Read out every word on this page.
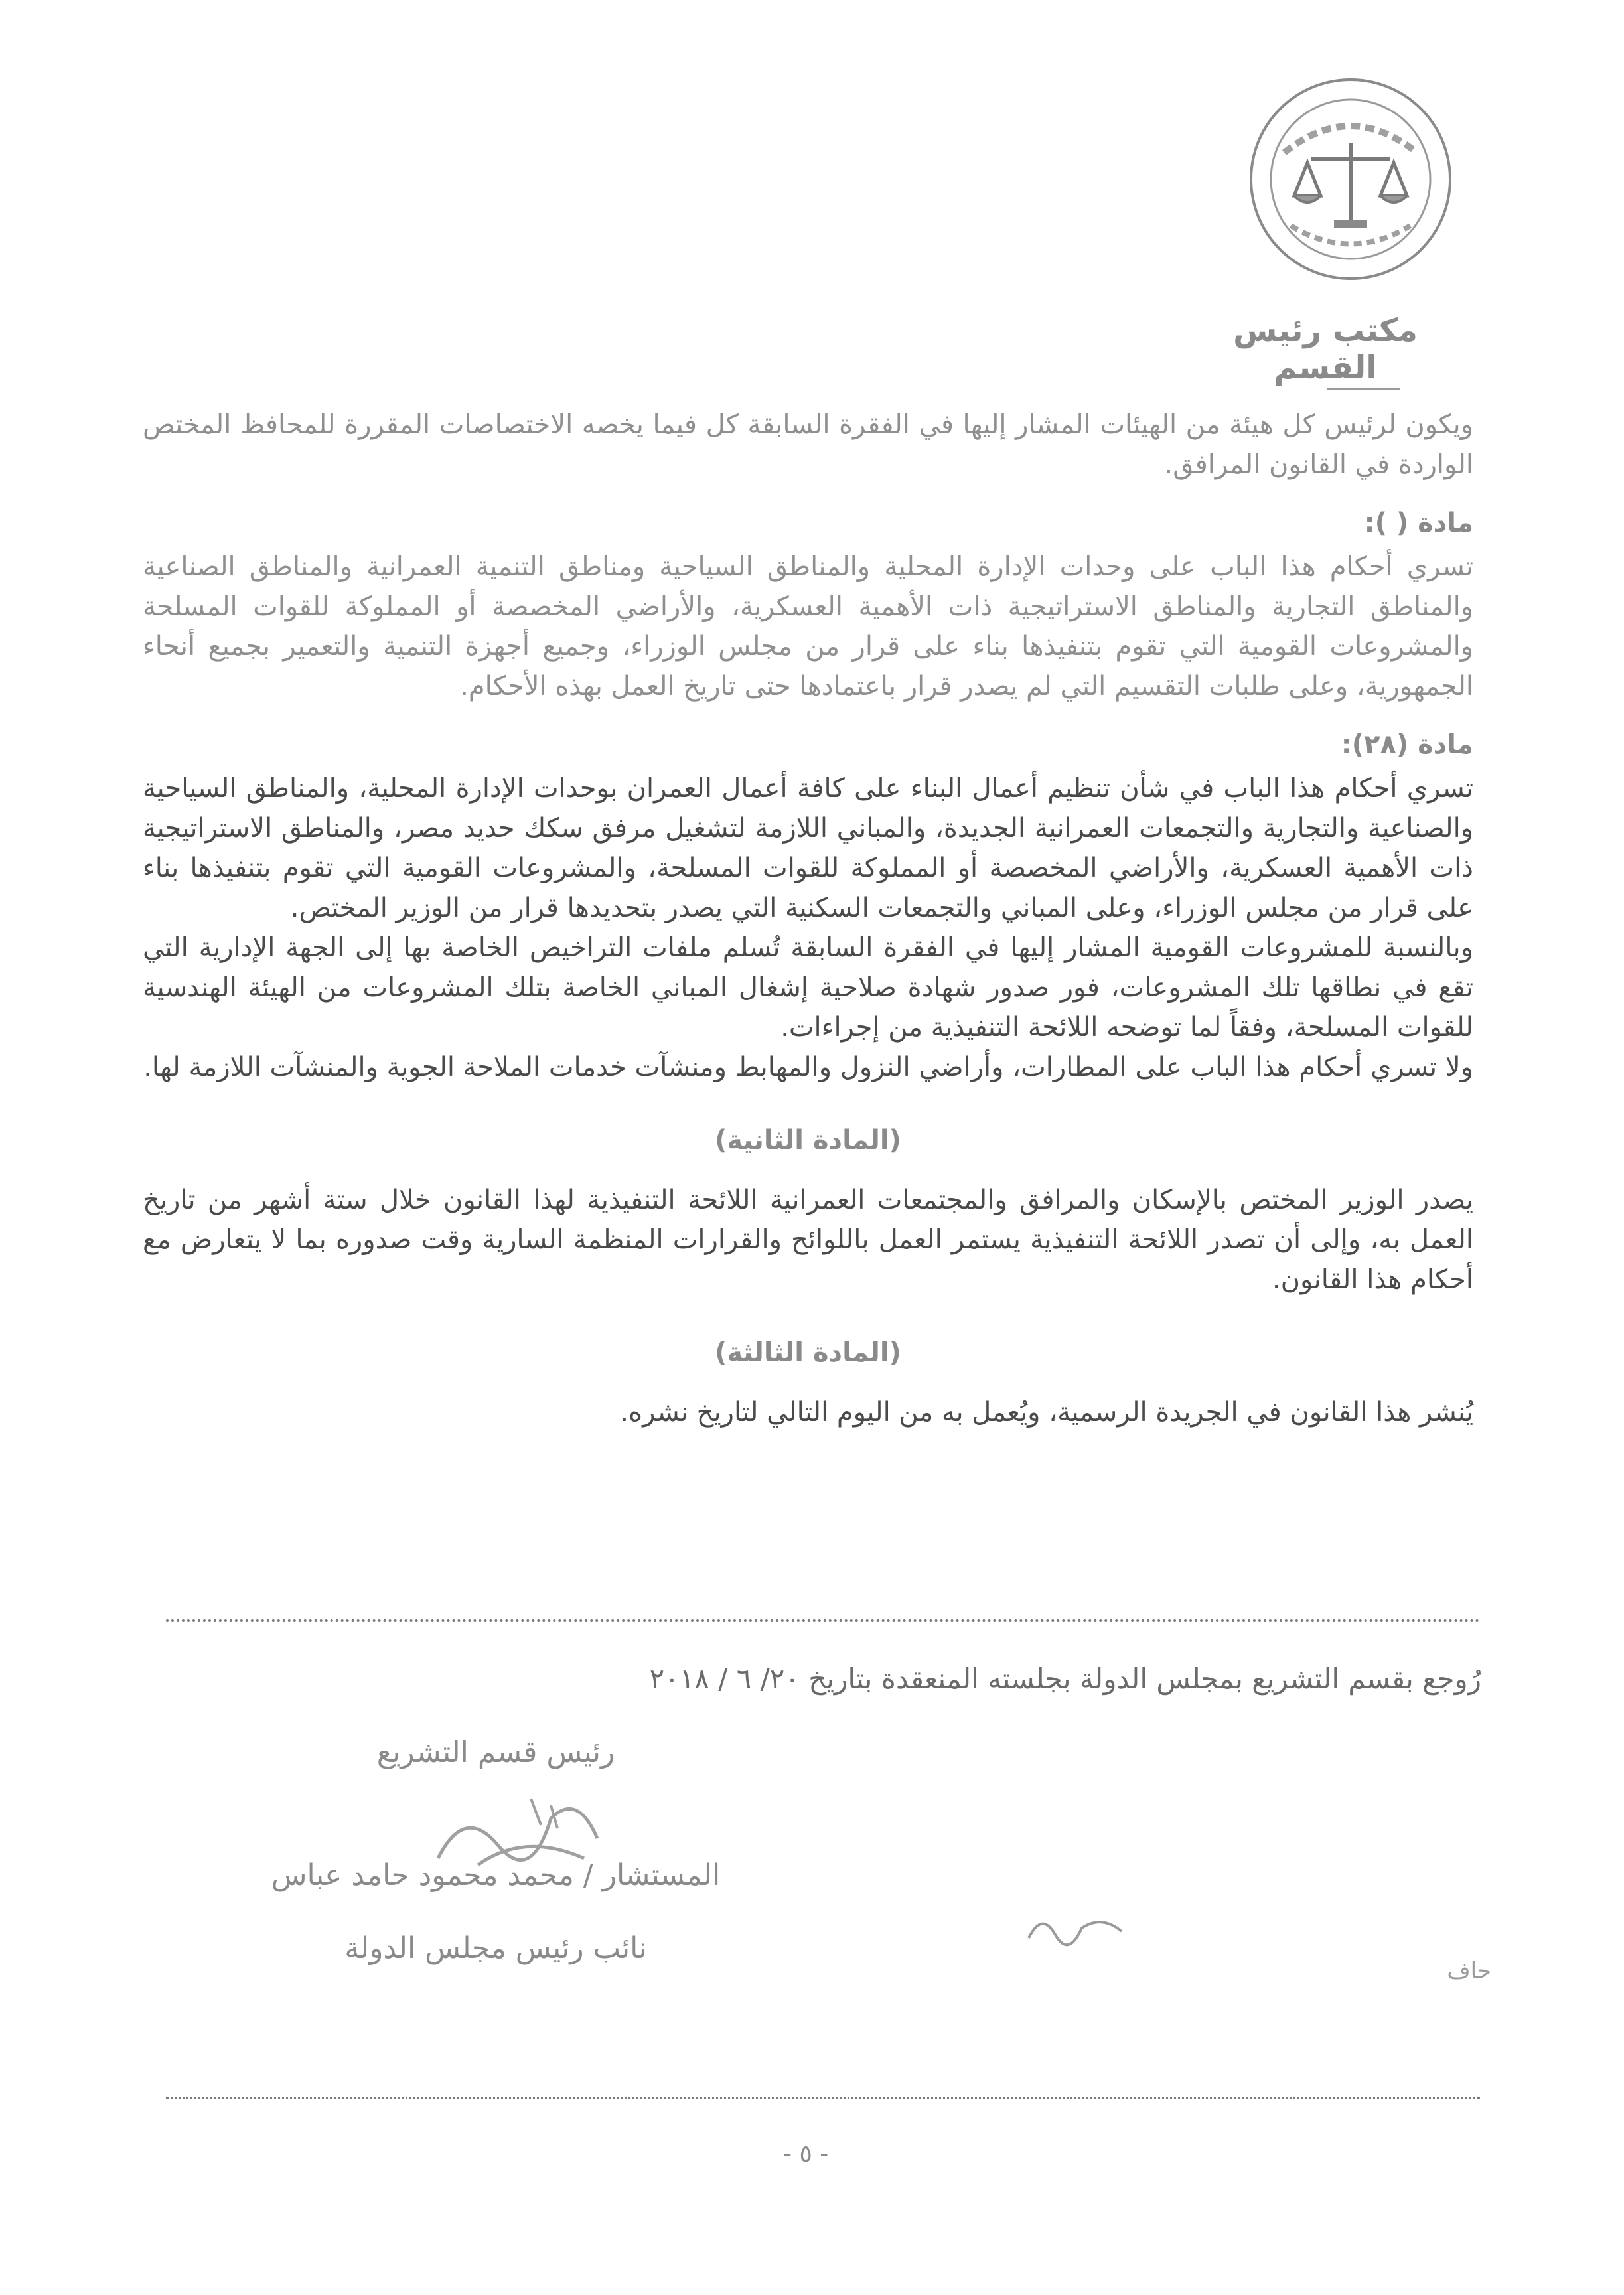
مكتب رئيس القسم

ويكون لرئيس كل هيئة من الهيئات المشار إليها في الفقرة السابقة كل فيما يخصه الاختصاصات المقررة للمحافظ المختص الواردة في القانون المرافق.

مادة ( ):

تسري أحكام هذا الباب على وحدات الإدارة المحلية والمناطق السياحية ومناطق التنمية العمرانية والمناطق الصناعية والمناطق التجارية والمناطق الاستراتيجية ذات الأهمية العسكرية، والأراضي المخصصة أو المملوكة للقوات المسلحة والمشروعات القومية التي تقوم بتنفيذها بناء على قرار من مجلس الوزراء، وجميع أجهزة التنمية والتعمير بجميع أنحاء الجمهورية، وعلى طلبات التقسيم التي لم يصدر قرار باعتمادها حتى تاريخ العمل بهذه الأحكام.

مادة (٢٨):

تسري أحكام هذا الباب في شأن تنظيم أعمال البناء على كافة أعمال العمران بوحدات الإدارة المحلية، والمناطق السياحية والصناعية والتجارية والتجمعات العمرانية الجديدة، والمباني اللازمة لتشغيل مرفق سكك حديد مصر، والمناطق الاستراتيجية ذات الأهمية العسكرية، والأراضي المخصصة أو المملوكة للقوات المسلحة، والمشروعات القومية التي تقوم بتنفيذها بناء على قرار من مجلس الوزراء، وعلى المباني والتجمعات السكنية التي يصدر بتحديدها قرار من الوزير المختص.

وبالنسبة للمشروعات القومية المشار إليها في الفقرة السابقة تُسلم ملفات التراخيص الخاصة بها إلى الجهة الإدارية التي تقع في نطاقها تلك المشروعات، فور صدور شهادة صلاحية إشغال المباني الخاصة بتلك المشروعات من الهيئة الهندسية للقوات المسلحة، وفقاً لما توضحه اللائحة التنفيذية من إجراءات.

ولا تسري أحكام هذا الباب على المطارات، وأراضي النزول والمهابط ومنشآت خدمات الملاحة الجوية والمنشآت اللازمة لها.

(المادة الثانية)

يصدر الوزير المختص بالإسكان والمرافق والمجتمعات العمرانية اللائحة التنفيذية لهذا القانون خلال ستة أشهر من تاريخ العمل به، وإلى أن تصدر اللائحة التنفيذية يستمر العمل باللوائح والقرارات المنظمة السارية وقت صدوره بما لا يتعارض مع أحكام هذا القانون.

(المادة الثالثة)

يُنشر هذا القانون في الجريدة الرسمية، ويُعمل به من اليوم التالي لتاريخ نشره.

رُوجع بقسم التشريع بمجلس الدولة بجلسته المنعقدة بتاريخ ٢٠/ ٦ / ٢٠١٨
رئيس قسم التشريع
المستشار / محمد محمود حامد عباس
نائب رئيس مجلس الدولة
حاف
- ٥ -
